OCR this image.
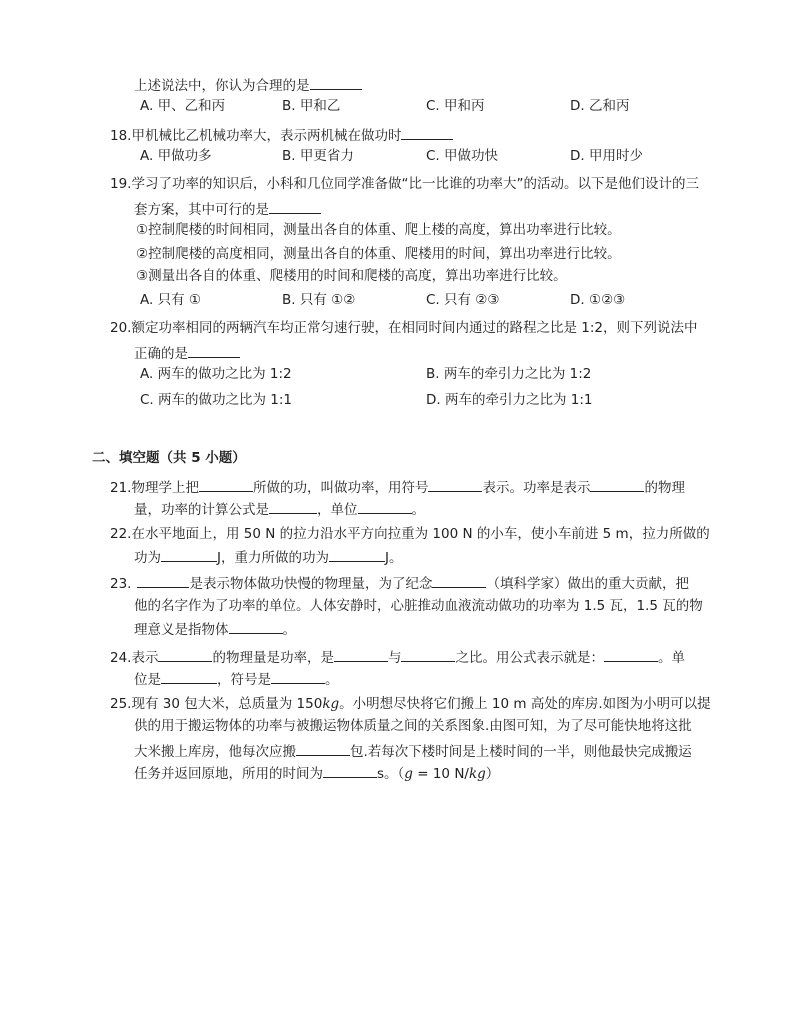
上述说法中，你认为合理的是
A. 甲、乙和丙	B. 甲和乙	C. 甲和丙	D. 乙和丙
18.甲机械比乙机械功率大，表示两机械在做功时
A. 甲做功多	B. 甲更省力	C. 甲做功快	D. 甲用时少
19.学习了功率的知识后，小科和几位同学准备做“比一比谁的功率大”的活动。以下是他们设计的三
套方案，其中可行的是
①控制爬楼的时间相同，测量出各自的体重、爬上楼的高度，算出功率进行比较。
②控制爬楼的高度相同，测量出各自的体重、爬楼用的时间，算出功率进行比较。
③测量出各自的体重、爬楼用的时间和爬楼的高度，算出功率进行比较。
A. 只有 ①	B. 只有 ①②	C. 只有 ②③	D. ①②③
20.额定功率相同的两辆汽车均正常匀速行驶，在相同时间内通过的路程之比是 1:2，则下列说法中
正确的是
A. 两车的做功之比为 1:2	B. 两车的牵引力之比为 1:2
C. 两车的做功之比为 1:1	D. 两车的牵引力之比为 1:1
二、填空题（共 5 小题）
21.物理学上把	所做的功，叫做功率，用符号	表示。功率是表示	的物理
量，功率的计算公式是	，单位	。
22.在水平地面上，用 50 N 的拉力沿水平方向拉重为 100 N 的小车，使小车前进 5 m，拉力所做的
功为	J，重力所做的功为	J。
23.	是表示物体做功快慢的物理量，为了纪念	（填科学家）做出的重大贡献，把
他的名字作为了功率的单位。人体安静时，心脏推动血液流动做功的功率为 1.5 瓦，1.5 瓦的物
理意义是指物体	。
24.表示	的物理量是功率，是	与	之比。用公式表示就是：	。单
位是	，符号是	。
25.现有 30 包大米，总质量为 150kg。小明想尽快将它们搬上 10 m 高处的库房.如图为小明可以提
供的用于搬运物体的功率与被搬运物体质量之间的关系图象.由图可知，为了尽可能快地将这批
大米搬上库房，他每次应搬	包.若每次下楼时间是上楼时间的一半，则他最快完成搬运
任务并返回原地，所用的时间为	s。（g = 10 N/kg）
